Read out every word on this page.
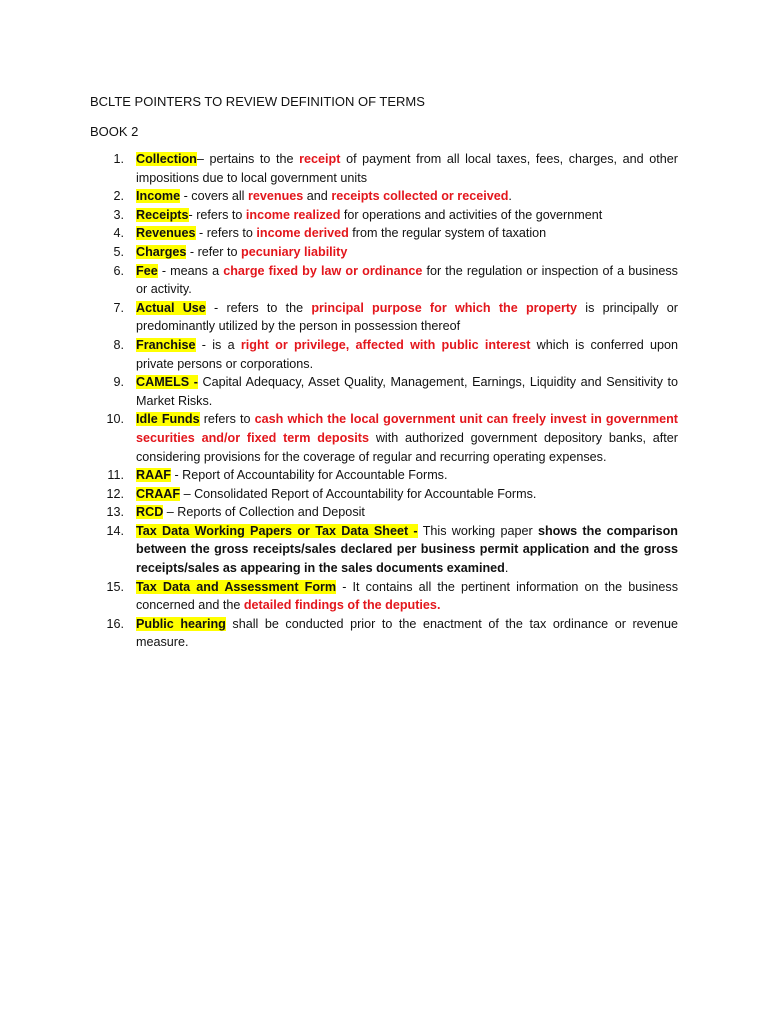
BCLTE POINTERS TO REVIEW DEFINITION OF TERMS
BOOK 2
1. Collection– pertains to the receipt of payment from all local taxes, fees, charges, and other impositions due to local government units
2. Income - covers all revenues and receipts collected or received.
3. Receipts- refers to income realized for operations and activities of the government
4. Revenues - refers to income derived from the regular system of taxation
5. Charges - refer to pecuniary liability
6. Fee - means a charge fixed by law or ordinance for the regulation or inspection of a business or activity.
7. Actual Use - refers to the principal purpose for which the property is principally or predominantly utilized by the person in possession thereof
8. Franchise - is a right or privilege, affected with public interest which is conferred upon private persons or corporations.
9. CAMELS - Capital Adequacy, Asset Quality, Management, Earnings, Liquidity and Sensitivity to Market Risks.
10. Idle Funds refers to cash which the local government unit can freely invest in government securities and/or fixed term deposits with authorized government depository banks, after considering provisions for the coverage of regular and recurring operating expenses.
11. RAAF - Report of Accountability for Accountable Forms.
12. CRAAF – Consolidated Report of Accountability for Accountable Forms.
13. RCD – Reports of Collection and Deposit
14. Tax Data Working Papers or Tax Data Sheet - This working paper shows the comparison between the gross receipts/sales declared per business permit application and the gross receipts/sales as appearing in the sales documents examined.
15. Tax Data and Assessment Form - It contains all the pertinent information on the business concerned and the detailed findings of the deputies.
16. Public hearing shall be conducted prior to the enactment of the tax ordinance or revenue measure.
